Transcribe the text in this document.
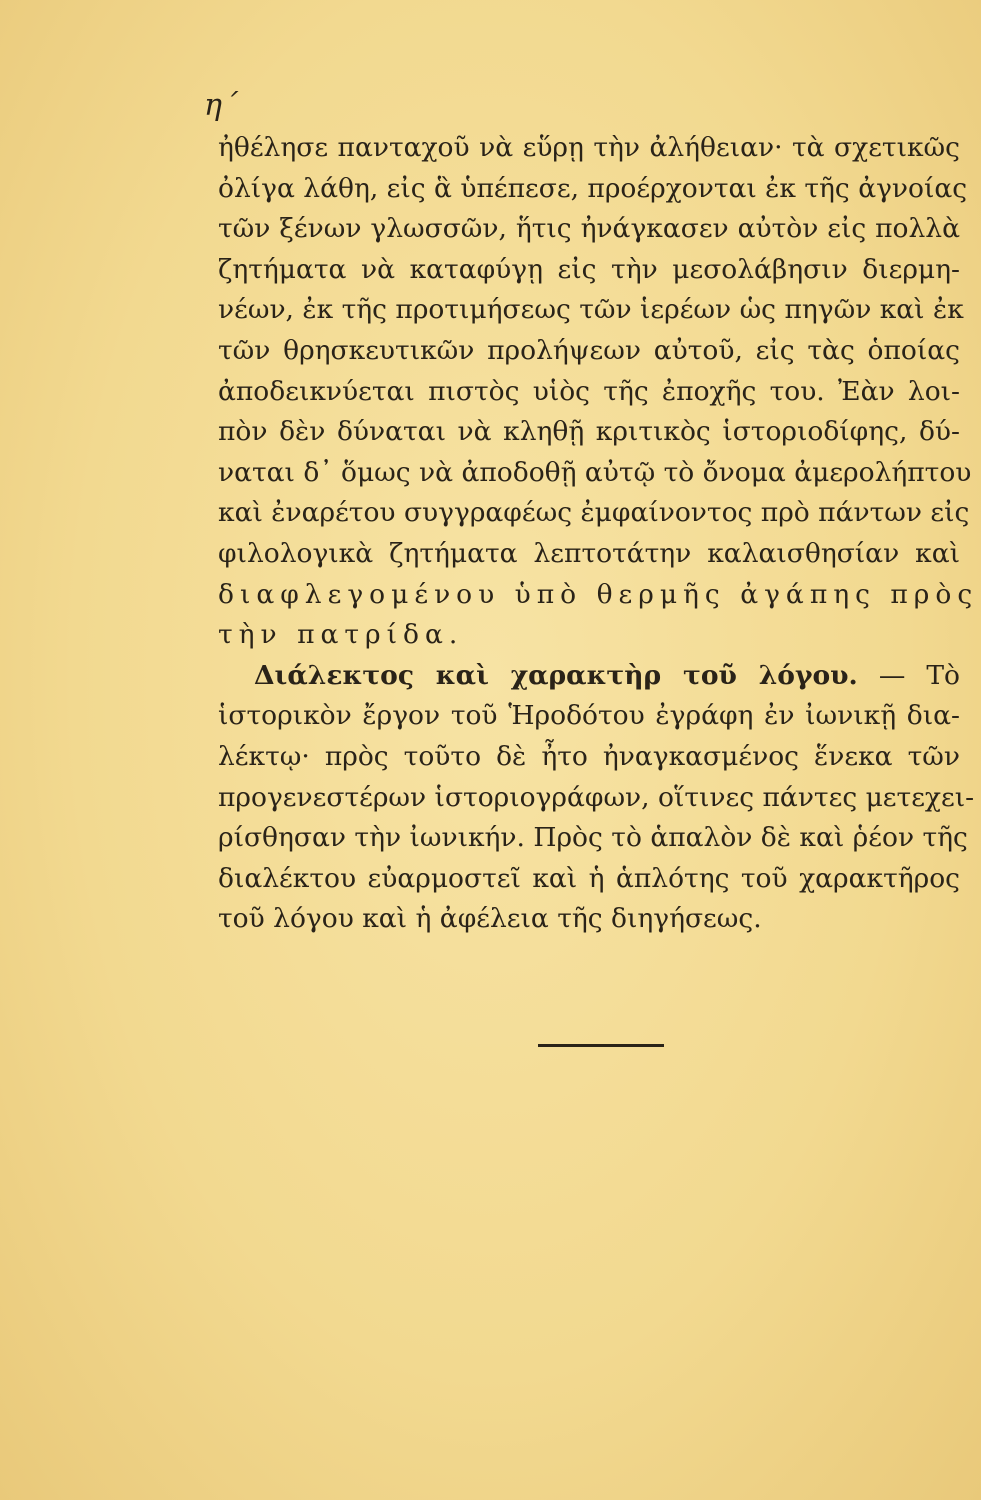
η΄
ἠθέλησε πανταχοῦ νὰ εὕρῃ τὴν ἀλήθειαν· τὰ σχετικῶς
ὀλίγα λάθη, εἰς ἃ ὑπέπεσε, προέρχονται ἐκ τῆς ἀγνοίας
τῶν ξένων γλωσσῶν, ἥτις ἠνάγκασεν αὐτὸν εἰς πολλὰ
ζητήματα νὰ καταφύγῃ εἰς τὴν μεσολάβησιν διερμη-
νέων, ἐκ τῆς προτιμήσεως τῶν ἱερέων ὡς πηγῶν καὶ ἐκ
τῶν θρησκευτικῶν προλήψεων αὐτοῦ, εἰς τὰς ὁποίας
ἀποδεικνύεται πιστὸς υἱὸς τῆς ἐποχῆς του. Ἐὰν λοι-
πὸν δὲν δύναται νὰ κληθῇ κριτικὸς ἱστοριοδίφης, δύ-
ναται δ᾽ ὅμως νὰ ἀποδοθῇ αὐτῷ τὸ ὄνομα ἀμερολήπτου
καὶ ἐναρέτου συγγραφέως ἐμφαίνοντος πρὸ πάντων εἰς
φιλολογικὰ ζητήματα λεπτοτάτην καλαισθησίαν καὶ
διαφλεγομένου ὑπὸ θερμῆς ἀγάπης πρὸς
τὴν πατρίδα.
Διάλεκτος καὶ χαρακτὴρ τοῦ λόγου. — Τὸ
ἱστορικὸν ἔργον τοῦ Ἡροδότου ἐγράφη ἐν ἰωνικῇ δια-
λέκτῳ· πρὸς τοῦτο δὲ ἦτο ἠναγκασμένος ἕνεκα τῶν
προγενεστέρων ἱστοριογράφων, οἵτινες πάντες μετεχει-
ρίσθησαν τὴν ἰωνικήν. Πρὸς τὸ ἁπαλὸν δὲ καὶ ῥέον τῆς
διαλέκτου εὐαρμοστεῖ καὶ ἡ ἁπλότης τοῦ χαρακτῆρος
τοῦ λόγου καὶ ἡ ἀφέλεια τῆς διηγήσεως.
